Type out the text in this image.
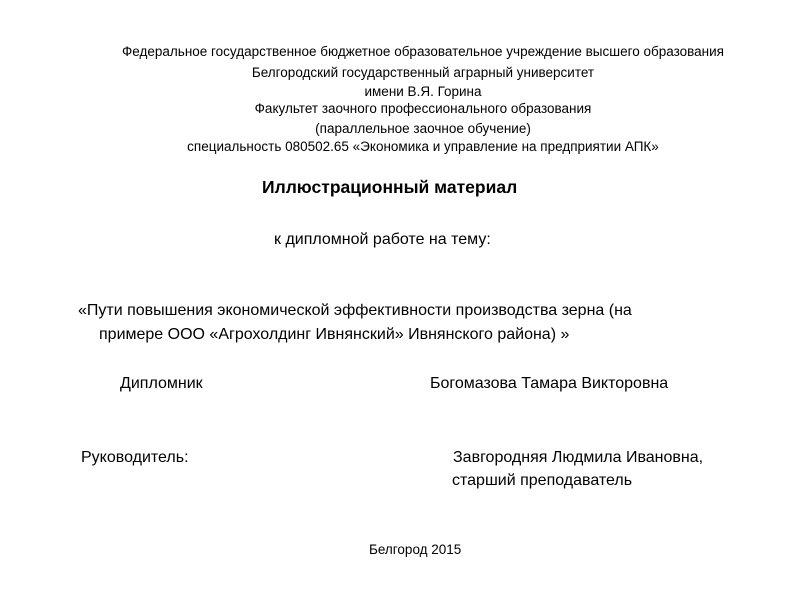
Федеральное государственное бюджетное образовательное учреждение высшего образования
Белгородский государственный аграрный университет
имени В.Я. Горина
Факультет заочного профессионального образования
(параллельное заочное обучение)
специальность 080502.65 «Экономика и управление на предприятии АПК»
Иллюстрационный материал
к дипломной работе на тему:
«Пути повышения экономической эффективности производства зерна (на
примере ООО «Агрохолдинг Ивнянский» Ивнянского района) »
Дипломник	Богомазова Тамара Викторовна
Руководитель:	Завгородняя Людмила Ивановна,
старший преподаватель
Белгород 2015
